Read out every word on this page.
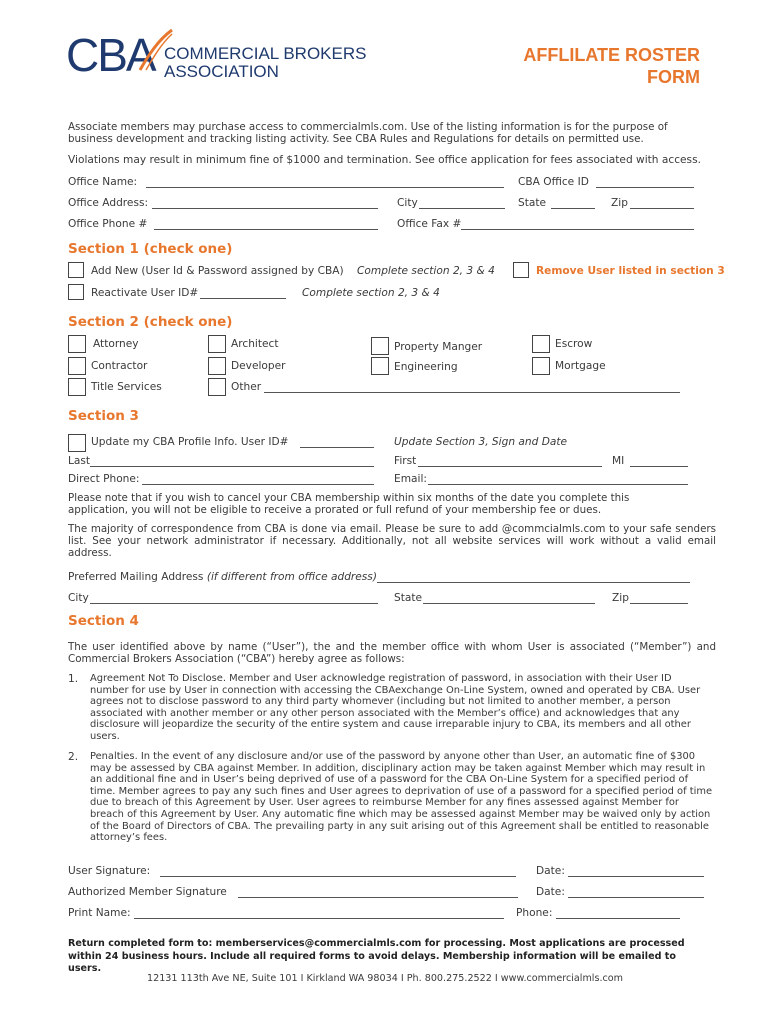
CBA COMMERCIAL BROKERS
ASSOCIATION
AFFLILATE ROSTER
FORM
Associate members may purchase access to commercialmls.com. Use of the listing information is for the purpose of business development and tracking listing activity. See CBA Rules and Regulations for details on permitted use.
Violations may result in minimum fine of $1000 and termination. See office application for fees associated with access.
Office Name:	CBA Office ID
Office Address:	City	State	Zip
Office Phone #	Office Fax #
Section 1 (check one)
Add New (User Id & Password assigned by CBA) Complete section 2, 3 & 4	Remove User listed in section 3
Reactivate User ID#	Complete section 2, 3 & 4
Section 2 (check one)
Attorney	Architect	Property Manger	Escrow
Contractor	Developer	Engineering	Mortgage
Title Services	Other
Section 3
Update my CBA Profile Info. User ID#	Update Section 3, Sign and Date
Last	First	MI
Direct Phone:	Email:
Please note that if you wish to cancel your CBA membership within six months of the date you complete this application, you will not be eligible to receive a prorated or full refund of your membership fee or dues.
The majority of correspondence from CBA is done via email. Please be sure to add @commcialmls.com to your safe senders list. See your network administrator if necessary. Additionally, not all website services will work without a valid email address.
Preferred Mailing Address (if different from office address)
City	State	Zip
Section 4
The user identified above by name (“User”), the and the member office with whom User is associated (“Member”) and Commercial Brokers Association (“CBA”) hereby agree as follows:
1. Agreement Not To Disclose. Member and User acknowledge registration of password, in association with their User ID number for use by User in connection with accessing the CBAexchange On-Line System, owned and operated by CBA. User agrees not to disclose password to any third party whomever (including but not limited to another member, a person associated with another member or any other person associated with the Member’s office) and acknowledges that any disclosure will jeopardize the security of the entire system and cause irreparable injury to CBA, its members and all other users.
2. Penalties. In the event of any disclosure and/or use of the password by anyone other than User, an automatic fine of $300 may be assessed by CBA against Member. In addition, disciplinary action may be taken against Member which may result in an additional fine and in User’s being deprived of use of a password for the CBA On-Line System for a specified period of time. Member agrees to pay any such fines and User agrees to deprivation of use of a password for a specified period of time due to breach of this Agreement by User. User agrees to reimburse Member for any fines assessed against Member for breach of this Agreement by User. Any automatic fine which may be assessed against Member may be waived only by action of the Board of Directors of CBA. The prevailing party in any suit arising out of this Agreement shall be entitled to reasonable attorney’s fees.
User Signature:	Date:
Authorized Member Signature	Date:
Print Name:	Phone:
Return completed form to: memberservices@commercialmls.com for processing. Most applications are processed within 24 business hours. Include all required forms to avoid delays. Membership information will be emailed to users.
12131 113th Ave NE, Suite 101 I Kirkland WA 98034 I Ph. 800.275.2522 I www.commercialmls.com
